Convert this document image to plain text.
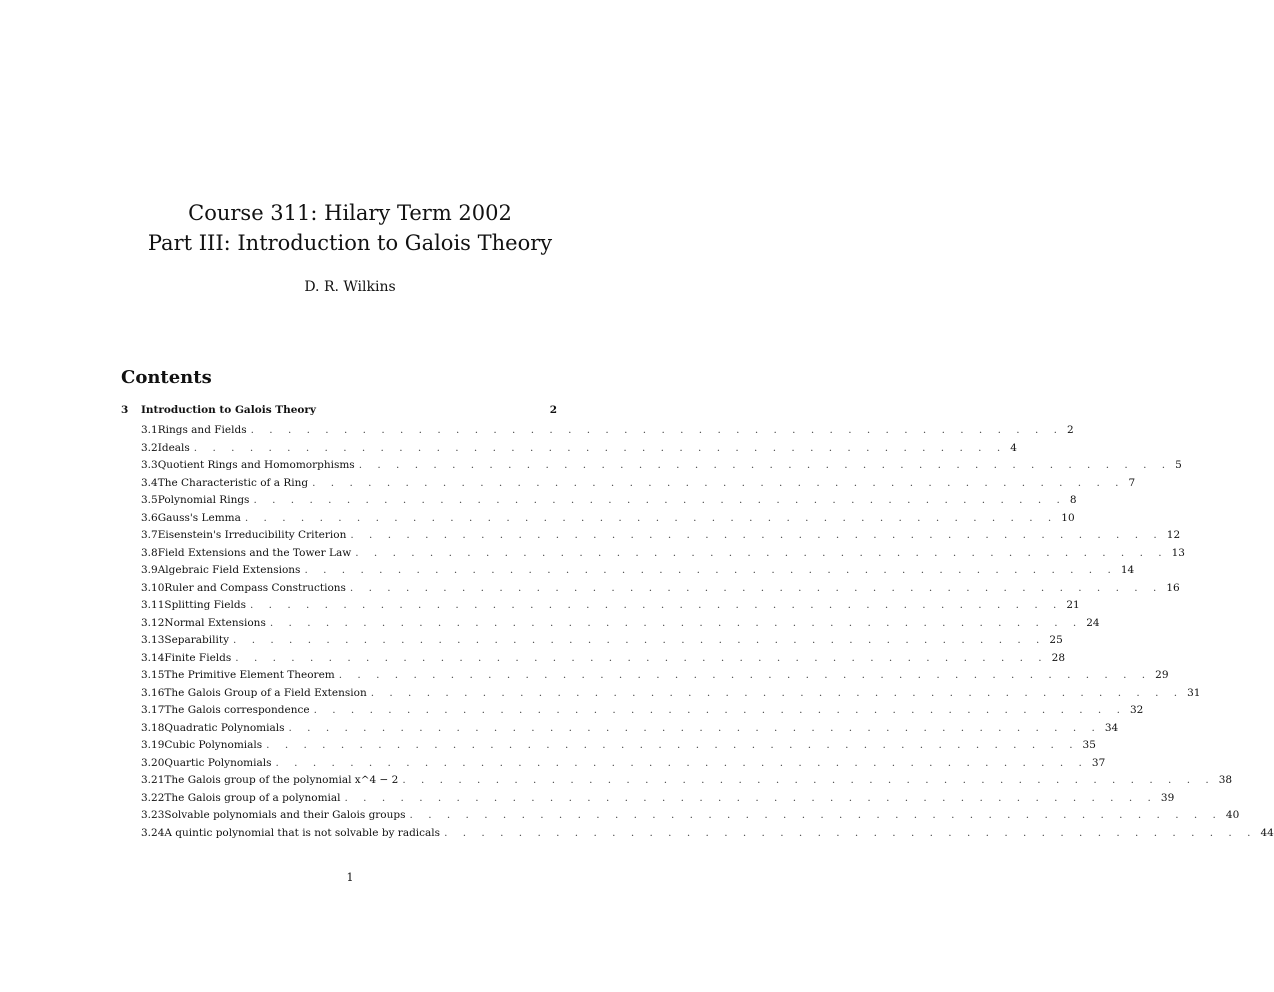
Course 311: Hilary Term 2002
Part III: Introduction to Galois Theory
D. R. Wilkins
Contents
3	Introduction to Galois Theory	2
3.1 Rings and Fields . . .	2
3.2 Ideals . . .	4
3.3 Quotient Rings and Homomorphisms . . .	5
3.4 The Characteristic of a Ring . . .	7
3.5 Polynomial Rings . . .	8
3.6 Gauss's Lemma . . .	10
3.7 Eisenstein's Irreducibility Criterion . . .	12
3.8 Field Extensions and the Tower Law . . .	13
3.9 Algebraic Field Extensions . . .	14
3.10 Ruler and Compass Constructions . . .	16
3.11 Splitting Fields . . .	21
3.12 Normal Extensions . . .	24
3.13 Separability . . .	25
3.14 Finite Fields . . .	28
3.15 The Primitive Element Theorem . . .	29
3.16 The Galois Group of a Field Extension . . .	31
3.17 The Galois correspondence . . .	32
3.18 Quadratic Polynomials . . .	34
3.19 Cubic Polynomials . . .	35
3.20 Quartic Polynomials . . .	37
3.21 The Galois group of the polynomial x^4 − 2 . . .	38
3.22 The Galois group of a polynomial . . .	39
3.23 Solvable polynomials and their Galois groups . . .	40
3.24 A quintic polynomial that is not solvable by radicals . . .	44
1
